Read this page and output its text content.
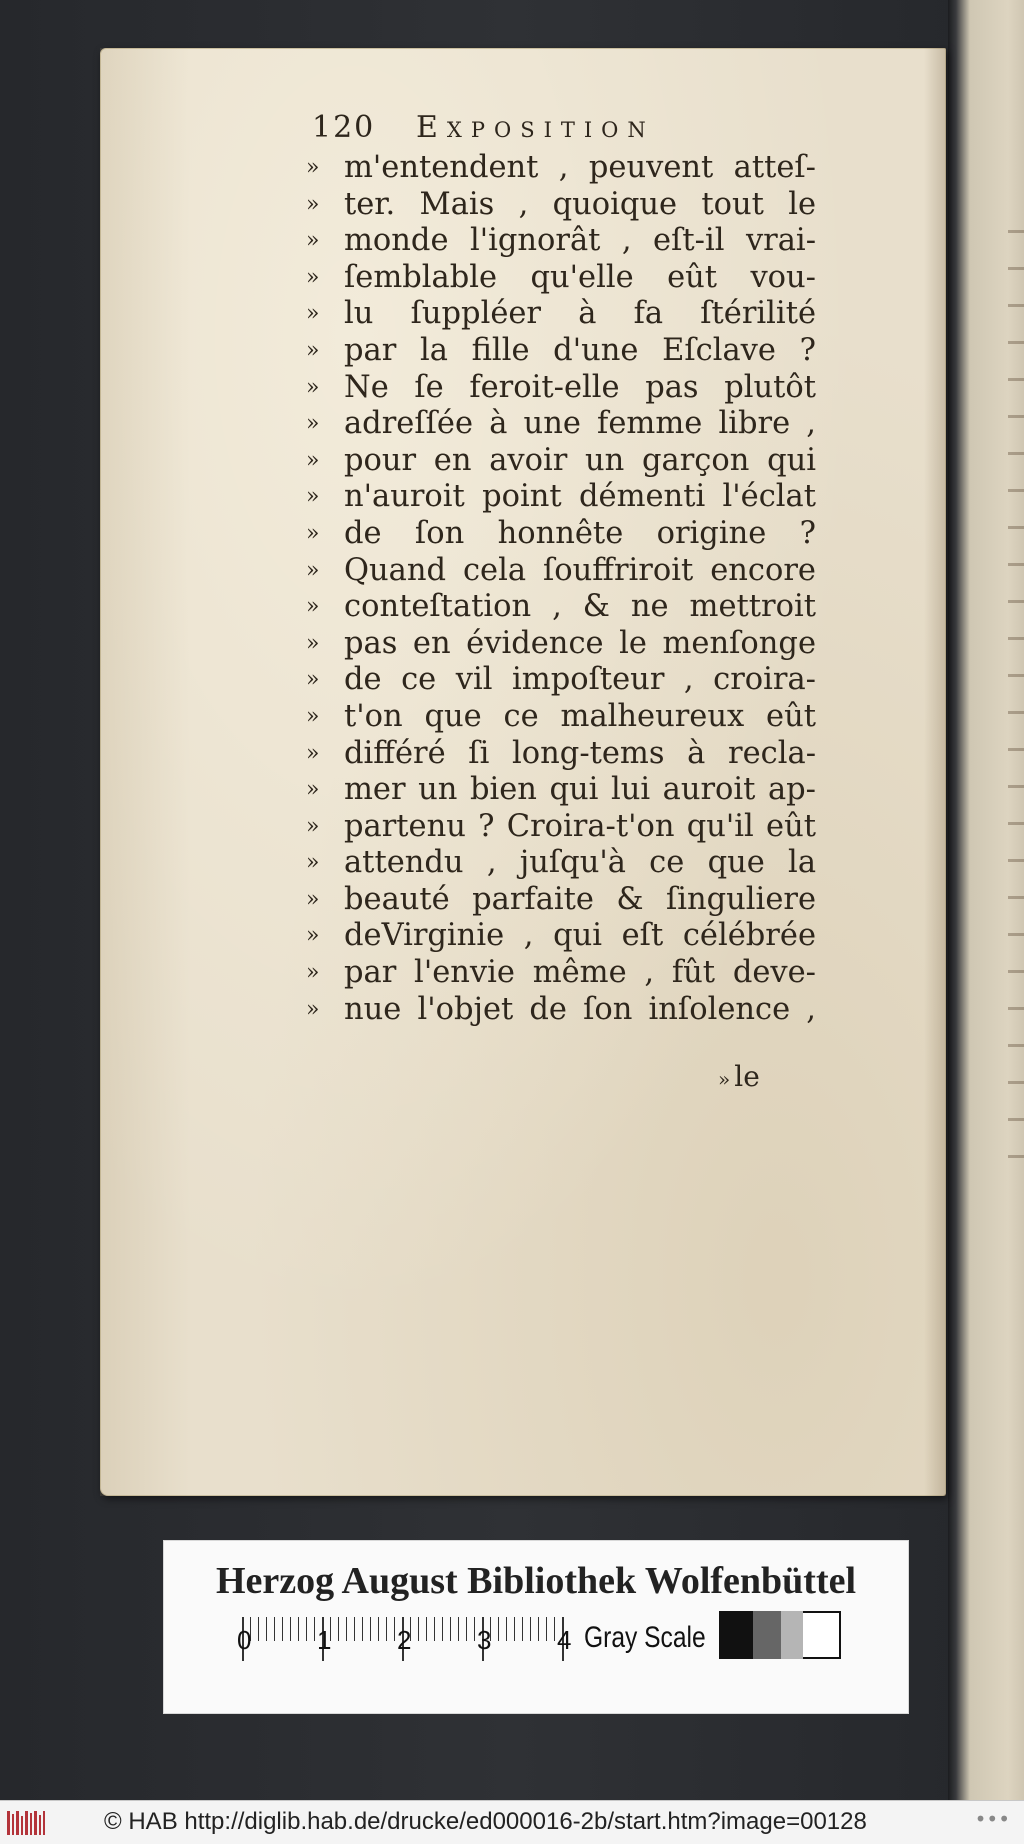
120 Exposition
» m'entendent , peuvent atteſ-
» ter. Mais , quoique tout le
» monde l'ignorât , eſt-il vrai-
» ſemblable qu'elle eût vou-
» lu ſuppléer à fa ſtérilité
» par la fille d'une Eſclave ?
» Ne ſe feroit-elle pas plutôt
» adreſſée à une femme libre ,
» pour en avoir un garçon qui
» n'auroit point démenti l'éclat
» de ſon honnête origine ?
» Quand cela ſouffriroit encore
» conteſtation , & ne mettroit
» pas en évidence le menſonge
» de ce vil impoſteur , croira-
» t'on que ce malheureux eût
» différé ſi long-tems à recla-
» mer un bien qui lui auroit ap-
» partenu ? Croira-t'on qu'il eût
» attendu , juſqu'à ce que la
» beauté parfaite & ſinguliere
» deVirginie , qui eſt célébrée
» par l'envie même , fût deve-
» nue l'objet de ſon inſolence ,
» le
Herzog August Bibliothek Wolfenbüttel
0	1	2	3	4 Gray Scale
© HAB http://diglib.hab.de/drucke/ed000016-2b/start.htm?image=00128	•••
